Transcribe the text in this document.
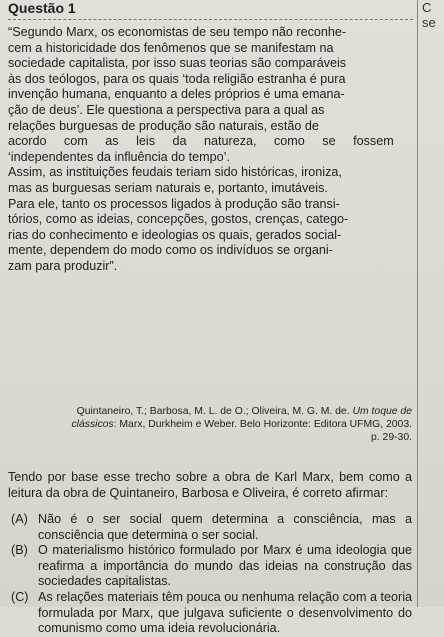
Questão 1	C
se

“Segundo Marx, os economistas de seu tempo não reconhe-

cem a historicidade dos fenômenos que se manifestam na

sociedade capitalista, por isso suas teorias são comparáveis

às dos teólogos, para os quais ‘toda religião estranha é pura

invenção humana, enquanto a deles próprios é uma emana-

ção de deus’. Ele questiona a perspectiva para a qual as

relações burguesas de produção são naturais, estão de

acordo com as leis da natureza, como se fossem

‘independentes da influência do tempo’.

Assim, as instituições feudais teriam sido históricas, ironiza,

mas as burguesas seriam naturais e, portanto, imutáveis.

Para ele, tanto os processos ligados à produção são transi-

tórios, como as ideias, concepções, gostos, crenças, catego-

rias do conhecimento e ideologias os quais, gerados social-

mente, dependem do modo como os indivíduos se organi-

zam para produzir”.

Quintaneiro, T.; Barbosa, M. L. de O.; Oliveira, M. G. M. de. Um toque de
clássicos: Marx, Durkheim e Weber. Belo Horizonte: Editora UFMG, 2003.
p. 29-30.
Tendo por base esse trecho sobre a obra de Karl Marx, bem como a leitura da obra de Quintaneiro, Barbosa e Oliveira, é correto afirmar:
(A) Não é o ser social quem determina a consciência, mas a consciência que determina o ser social.
(B) O materialismo histórico formulado por Marx é uma ideologia que reafirma a importância do mundo das ideias na construção das sociedades capitalistas.
(C) As relações materiais têm pouca ou nenhuma relação com a teoria formulada por Marx, que julgava suficiente o desenvolvimento do comunismo como uma ideia revolucionária.
